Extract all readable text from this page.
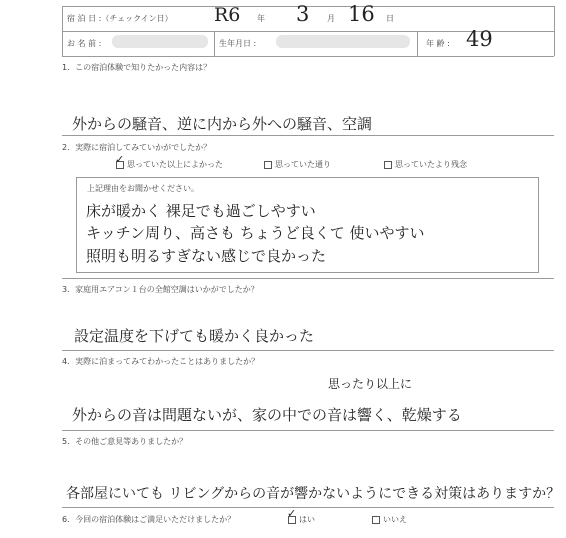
宿 泊 日 :（チェックイン日） R6 年 3 月 16 日
お 名 前 :	生年月日 :	年 齢 : 49
1．この宿泊体験で知りたかった内容は？
外からの騒音、逆に内から外への騒音、空調
2．実際に宿泊してみていかがでしたか？
思っていた以上によかった
✓	思っていた通り	思っていたより残念
上記理由をお聞かせください。
床が暖かく 裸足でも過ごしやすい
キッチン周り、高さも ちょうど良くて 使いやすい
照明も明るすぎない感じで良かった
3．家庭用エアコン１台の全館空調はいかがでしたか？
設定温度を下げても暖かく良かった
4．実際に泊まってみてわかったことはありましたか？
思ったり以上に
外からの音は問題ないが、家の中での音は響く、乾燥する
5．その他ご意見等ありましたか？
各部屋にいても リビングからの音が響かないようにできる対策はありますか？
6．今回の宿泊体験はご満足いただけましたか？	はい
✓	いいえ
